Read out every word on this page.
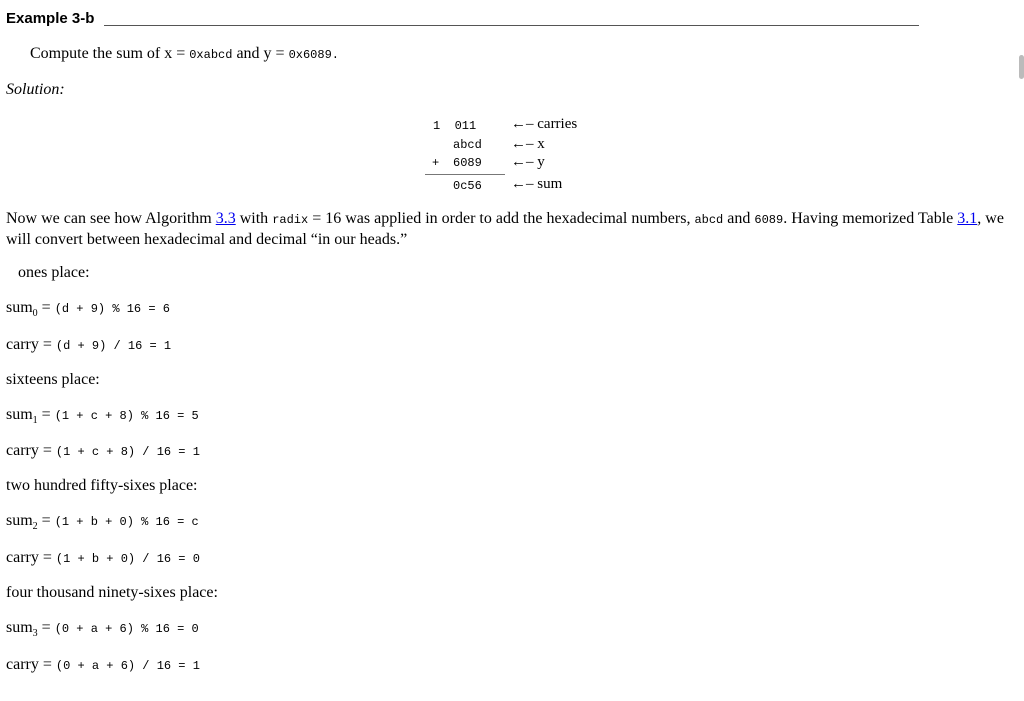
Example 3-b
Compute the sum of x = 0xabcd and y = 0x6089.
Solution:
1  011
abcd
+ 6089
0c56
←– carries
←– x
←– y
←– sum
Now we can see how Algorithm 3.3 with radix = 16 was applied in order to add the hexadecimal numbers, abcd and 6089. Having memorized Table 3.1, we will convert between hexadecimal and decimal “in our heads.”
ones place:
sum$_0$ = (d + 9) % 16 = 6
carry = (d + 9) / 16 = 1
sixteens place:
sum$_1$ = (1 + c + 8) % 16 = 5
carry = (1 + c + 8) / 16 = 1
two hundred fifty-sixes place:
sum$_2$ = (1 + b + 0) % 16 = c
carry = (1 + b + 0) / 16 = 0
four thousand ninety-sixes place:
sum$_3$ = (0 + a + 6) % 16 = 0
carry = (0 + a + 6) / 16 = 1
